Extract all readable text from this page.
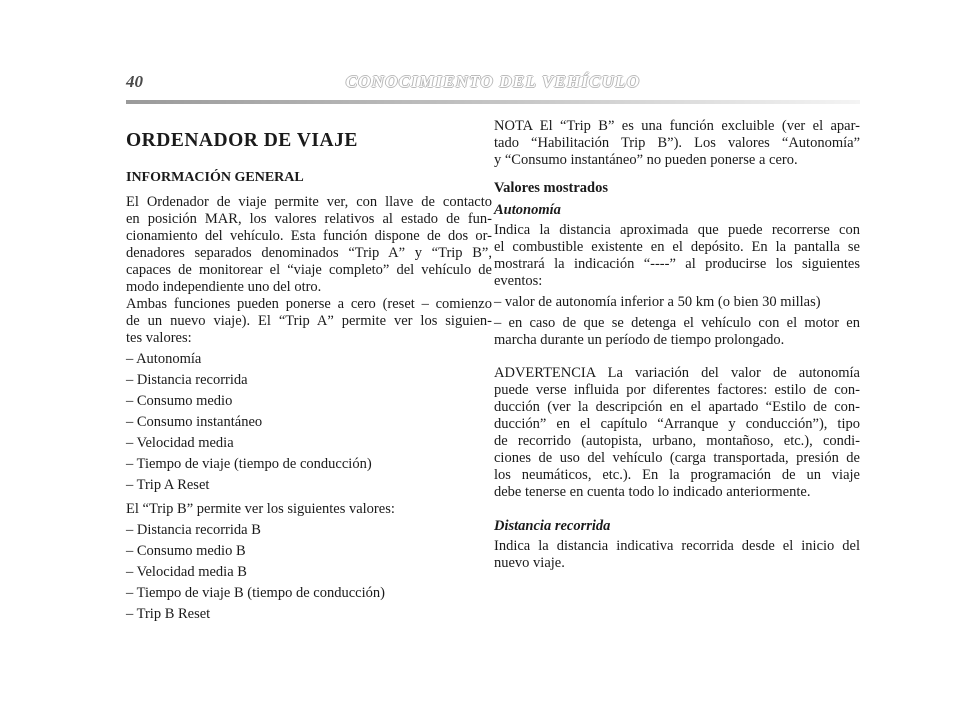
40	CONOCIMIENTO DEL VEHÍCULO

ORDENADOR DE VIAJE

INFORMACIÓN GENERAL

El Ordenador de viaje permite ver, con llave de contacto

en posición MAR, los valores relativos al estado de fun-

cionamiento del vehículo. Esta función dispone de dos or-

denadores separados denominados “Trip A” y “Trip B”,

capaces de monitorear el “viaje completo” del vehículo de

modo independiente uno del otro.

Ambas funciones pueden ponerse a cero (reset – comienzo

de un nuevo viaje). El “Trip A” permite ver los siguien-

tes valores:

– Autonomía

– Distancia recorrida

– Consumo medio

– Consumo instantáneo

– Velocidad media

– Tiempo de viaje (tiempo de conducción)

– Trip A Reset

El “Trip B” permite ver los siguientes valores:

– Distancia recorrida B

– Consumo medio B

– Velocidad media B

– Tiempo de viaje B (tiempo de conducción)

– Trip B Reset

NOTA El “Trip B” es una función excluible (ver el apar-

tado “Habilitación Trip B”). Los valores “Autonomía”

y “Consumo instantáneo” no pueden ponerse a cero.

Valores mostrados

Autonomía

Indica la distancia aproximada que puede recorrerse con

el combustible existente en el depósito. En la pantalla se

mostrará la indicación “----” al producirse los siguientes

eventos:

– valor de autonomía inferior a 50 km (o bien 30 millas)

– en caso de que se detenga el vehículo con el motor en

marcha durante un período de tiempo prolongado.

ADVERTENCIA La variación del valor de autonomía

puede verse influida por diferentes factores: estilo de con-

ducción (ver la descripción en el apartado “Estilo de con-

ducción” en el capítulo “Arranque y conducción”), tipo

de recorrido (autopista, urbano, montañoso, etc.), condi-

ciones de uso del vehículo (carga transportada, presión de

los neumáticos, etc.). En la programación de un viaje

debe tenerse en cuenta todo lo indicado anteriormente.

Distancia recorrida

Indica la distancia indicativa recorrida desde el inicio del

nuevo viaje.
